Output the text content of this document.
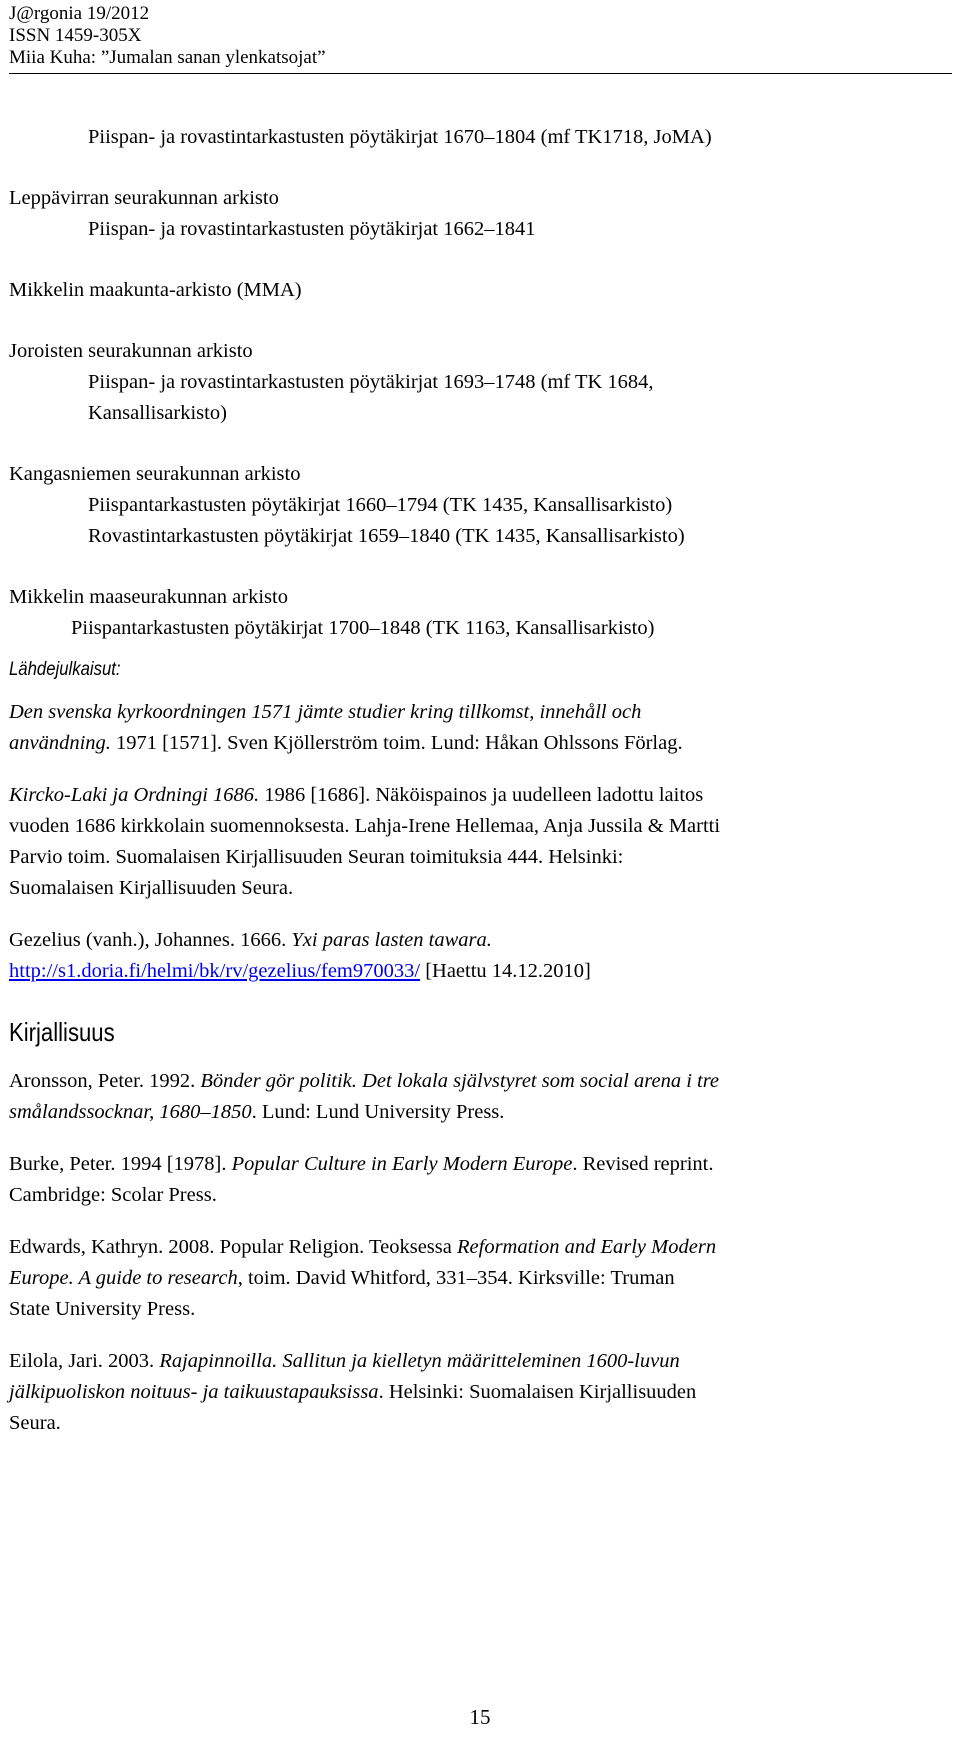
J@rgonia 19/2012
ISSN 1459-305X
Miia Kuha: ”Jumalan sanan ylenkatsojat”
Piispan- ja rovastintarkastusten pöytäkirjat 1670–1804 (mf TK1718, JoMA)
Leppävirran seurakunnan arkisto
Piispan- ja rovastintarkastusten pöytäkirjat 1662–1841
Mikkelin maakunta-arkisto (MMA)
Joroisten seurakunnan arkisto
Piispan- ja rovastintarkastusten pöytäkirjat 1693–1748 (mf TK 1684,
Kansallisarkisto)
Kangasniemen seurakunnan arkisto
Piispantarkastusten pöytäkirjat 1660–1794 (TK 1435, Kansallisarkisto)
Rovastintarkastusten pöytäkirjat 1659–1840 (TK 1435, Kansallisarkisto)
Mikkelin maaseurakunnan arkisto
Piispantarkastusten pöytäkirjat 1700–1848 (TK 1163, Kansallisarkisto)
Lähdejulkaisut:

Den svenska kyrkoordningen 1571 jämte studier kring tillkomst, innehåll och

användning. 1971 [1571]. Sven Kjöllerström toim. Lund: Håkan Ohlssons Förlag.

Kircko-Laki ja Ordningi 1686. 1986 [1686]. Näköispainos ja uudelleen ladottu laitos

vuoden 1686 kirkkolain suomennoksesta. Lahja-Irene Hellemaa, Anja Jussila & Martti

Parvio toim. Suomalaisen Kirjallisuuden Seuran toimituksia 444. Helsinki:

Suomalaisen Kirjallisuuden Seura.

Gezelius (vanh.), Johannes. 1666. Yxi paras lasten tawara.

http://s1.doria.fi/helmi/bk/rv/gezelius/fem970033/ [Haettu 14.12.2010]

Kirjallisuus

Aronsson, Peter. 1992. Bönder gör politik. Det lokala självstyret som social arena i tre

smålandssocknar, 1680–1850. Lund: Lund University Press.

Burke, Peter. 1994 [1978]. Popular Culture in Early Modern Europe. Revised reprint.

Cambridge: Scolar Press.

Edwards, Kathryn. 2008. Popular Religion. Teoksessa Reformation and Early Modern

Europe. A guide to research, toim. David Whitford, 331–354. Kirksville: Truman

State University Press.

Eilola, Jari. 2003. Rajapinnoilla. Sallitun ja kielletyn määritteleminen 1600-luvun

jälkipuoliskon noituus- ja taikuustapauksissa. Helsinki: Suomalaisen Kirjallisuuden

Seura.

15
